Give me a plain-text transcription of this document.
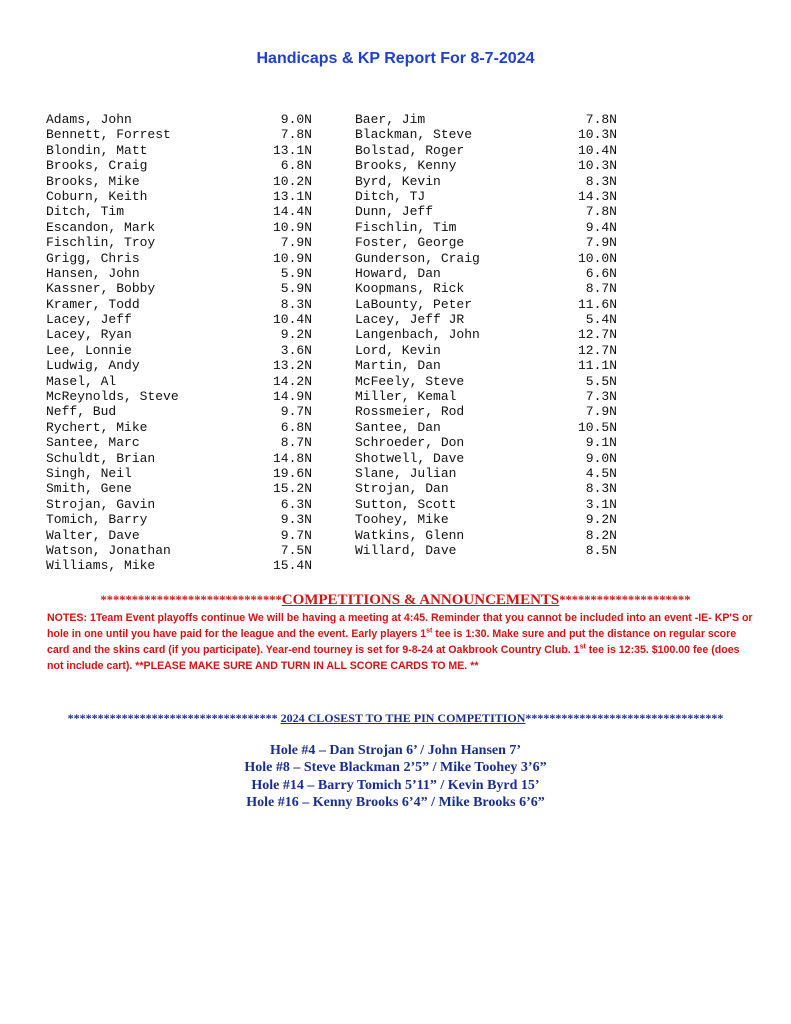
Handicaps & KP Report For 8-7-2024
Adams, John	9.0N
Bennett, Forrest	7.8N
Blondin, Matt	13.1N
Brooks, Craig	6.8N
Brooks, Mike	10.2N
Coburn, Keith	13.1N
Ditch, Tim	14.4N
Escandon, Mark	10.9N
Fischlin, Troy	7.9N
Grigg, Chris	10.9N
Hansen, John	5.9N
Kassner, Bobby	5.9N
Kramer, Todd	8.3N
Lacey, Jeff	10.4N
Lacey, Ryan	9.2N
Lee, Lonnie	3.6N
Ludwig, Andy	13.2N
Masel, Al	14.2N
McReynolds, Steve	14.9N
Neff, Bud	9.7N
Rychert, Mike	6.8N
Santee, Marc	8.7N
Schuldt, Brian	14.8N
Singh, Neil	19.6N
Smith, Gene	15.2N
Strojan, Gavin	6.3N
Tomich, Barry	9.3N
Walter, Dave	9.7N
Watson, Jonathan	7.5N
Williams, Mike	15.4N
Baer, Jim	7.8N
Blackman, Steve	10.3N
Bolstad, Roger	10.4N
Brooks, Kenny	10.3N
Byrd, Kevin	8.3N
Ditch, TJ	14.3N
Dunn, Jeff	7.8N
Fischlin, Tim	9.4N
Foster, George	7.9N
Gunderson, Craig	10.0N
Howard, Dan	6.6N
Koopmans, Rick	8.7N
LaBounty, Peter	11.6N
Lacey, Jeff JR	5.4N
Langenbach, John	12.7N
Lord, Kevin	12.7N
Martin, Dan	11.1N
McFeely, Steve	5.5N
Miller, Kemal	7.3N
Rossmeier, Rod	7.9N
Santee, Dan	10.5N
Schroeder, Don	9.1N
Shotwell, Dave	9.0N
Slane, Julian	4.5N
Strojan, Dan	8.3N
Sutton, Scott	3.1N
Toohey, Mike	9.2N
Watkins, Glenn	8.2N
Willard, Dave	8.5N
*****************************COMPETITIONS & ANNOUNCEMENTS*********************
NOTES: 1Team Event playoffs continue We will be having a meeting at 4:45. Reminder that you cannot be included into an event -IE- KP'S or hole in one until you have paid for the league and the event. Early players 1st tee is 1:30. Make sure and put the distance on regular score card and the skins card (if you participate). Year-end tourney is set for 9-8-24 at Oakbrook Country Club. 1st tee is 12:35. $100.00 fee (does not include cart). **PLEASE MAKE SURE AND TURN IN ALL SCORE CARDS TO ME. **
*********************************** 2024 CLOSEST TO THE PIN COMPETITION*********************************
Hole #4 – Dan Strojan 6’ / John Hansen 7’
Hole #8 – Steve Blackman 2’5” / Mike Toohey 3’6”
Hole #14 – Barry Tomich 5’11” / Kevin Byrd 15’
Hole #16 – Kenny Brooks 6’4” / Mike Brooks 6’6”
